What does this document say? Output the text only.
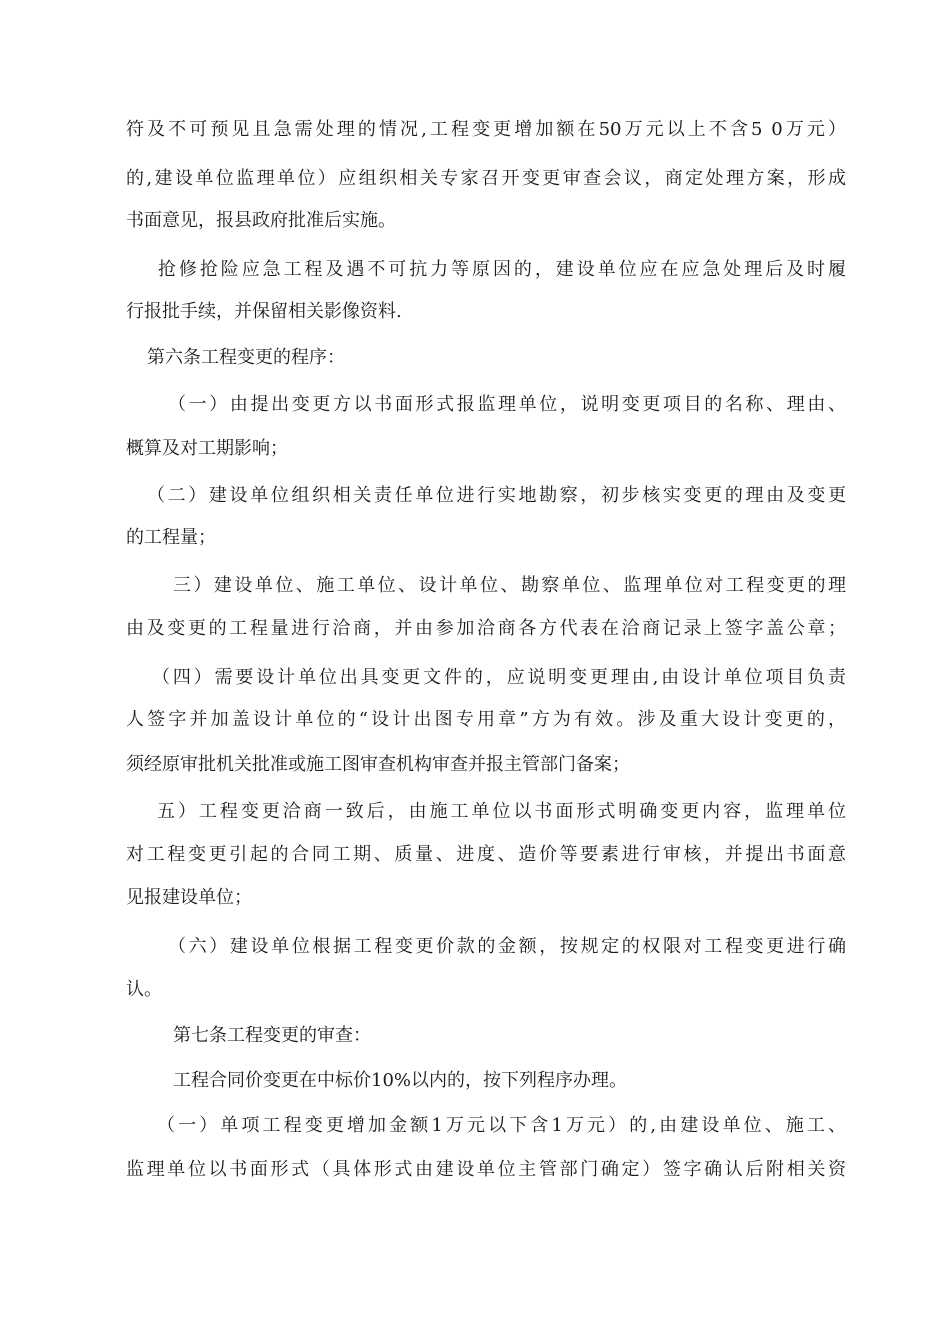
符及不可预见且急需处理的情况,工程变更增加额在50万元以上不含5 0万元）
的,建设单位监理单位）应组织相关专家召开变更审查会议，商定处理方案，形成
书面意见，报县政府批准后实施。
抢修抢险应急工程及遇不可抗力等原因的，建设单位应在应急处理后及时履
行报批手续，并保留相关影像资料.
第六条工程变更的程序：
（一）由提出变更方以书面形式报监理单位，说明变更项目的名称、理由、
概算及对工期影响；
（二）建设单位组织相关责任单位进行实地勘察，初步核实变更的理由及变更
的工程量；
三）建设单位、施工单位、设计单位、勘察单位、监理单位对工程变更的理
由及变更的工程量进行洽商，并由参加洽商各方代表在洽商记录上签字盖公章；
（四）需要设计单位出具变更文件的，应说明变更理由,由设计单位项目负责
人签字并加盖设计单位的“设计出图专用章”方为有效。涉及重大设计变更的，
须经原审批机关批准或施工图审查机构审查并报主管部门备案；
五）工程变更洽商一致后，由施工单位以书面形式明确变更内容，监理单位
对工程变更引起的合同工期、质量、进度、造价等要素进行审核，并提出书面意
见报建设单位；
（六）建设单位根据工程变更价款的金额，按规定的权限对工程变更进行确
认。
第七条工程变更的审查：
工程合同价变更在中标价10%以内的，按下列程序办理。
（一）单项工程变更增加金额1万元以下含1万元）的,由建设单位、施工、
监理单位以书面形式（具体形式由建设单位主管部门确定）签字确认后附相关资
